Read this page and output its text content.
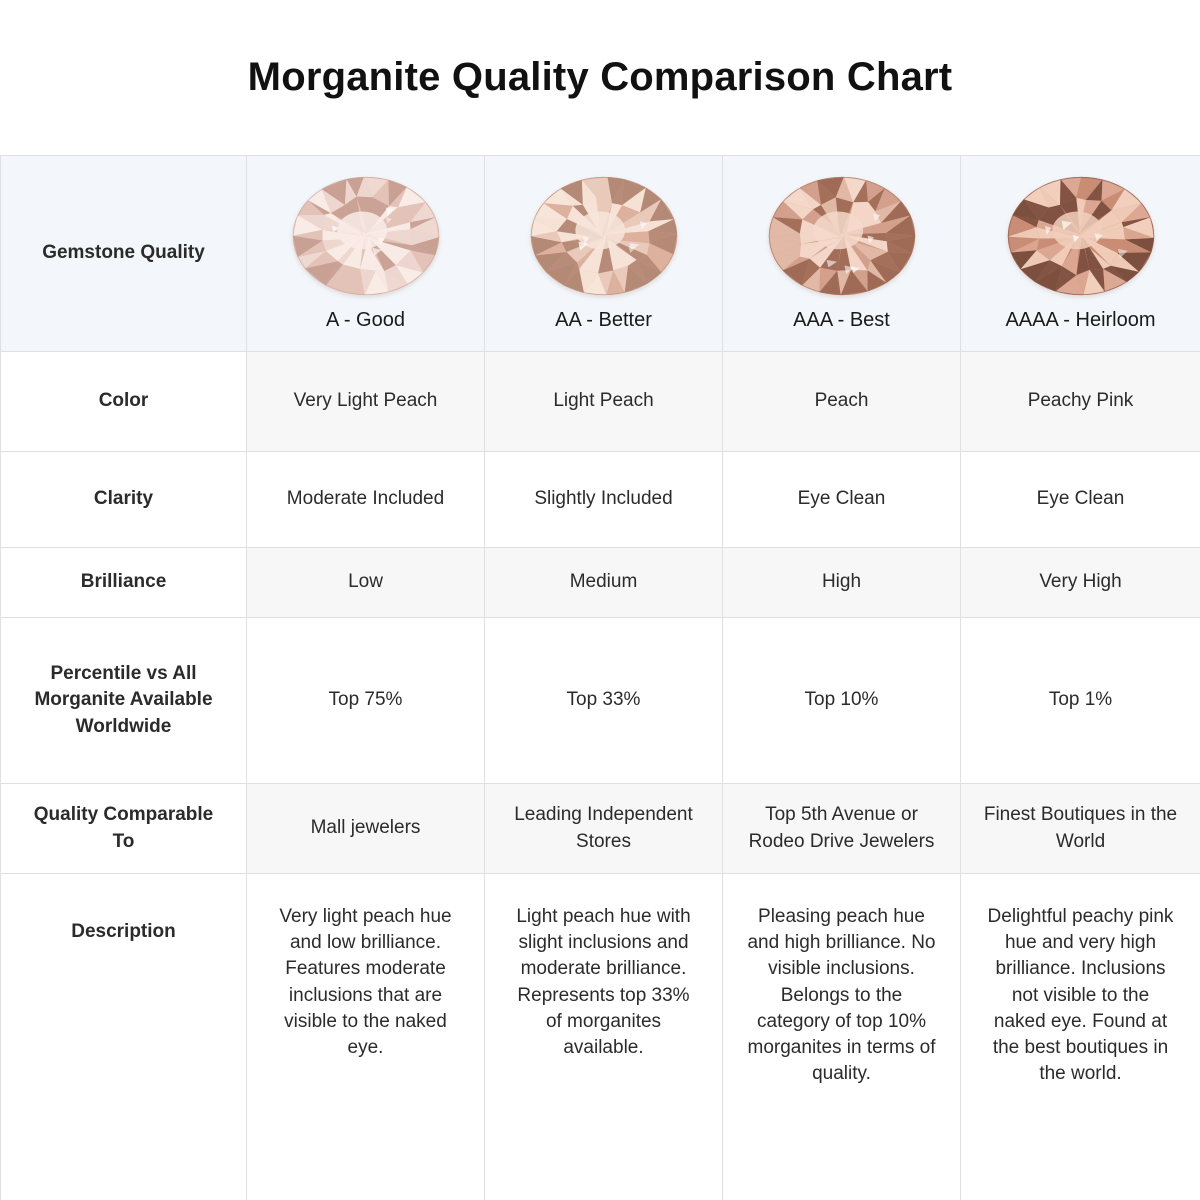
Morganite Quality Comparison Chart
Gemstone Quality	A - Good	AA - Better	AAA - Best	AAAA - Heirloom

Color	Very Light Peach	Light Peach	Peach	Peachy Pink
Clarity	Moderate Included	Slightly Included	Eye Clean	Eye Clean
Brilliance	Low	Medium	High	Very High
Percentile vs All Morganite Available Worldwide	Top 75%	Top 33%	Top 10%	Top 1%
Quality Comparable To	Mall jewelers	Leading Independent Stores	Top 5th Avenue or Rodeo Drive Jewelers	Finest Boutiques in the World
Description	Very light peach hue and low brilliance. Features moderate inclusions that are visible to the naked eye.	Light peach hue with slight inclusions and moderate brilliance. Represents top 33% of morganites available.	Pleasing peach hue and high brilliance. No visible inclusions. Belongs to the category of top 10% morganites in terms of quality.	Delightful peachy pink hue and very high brilliance. Inclusions not visible to the naked eye. Found at the best boutiques in the world.
